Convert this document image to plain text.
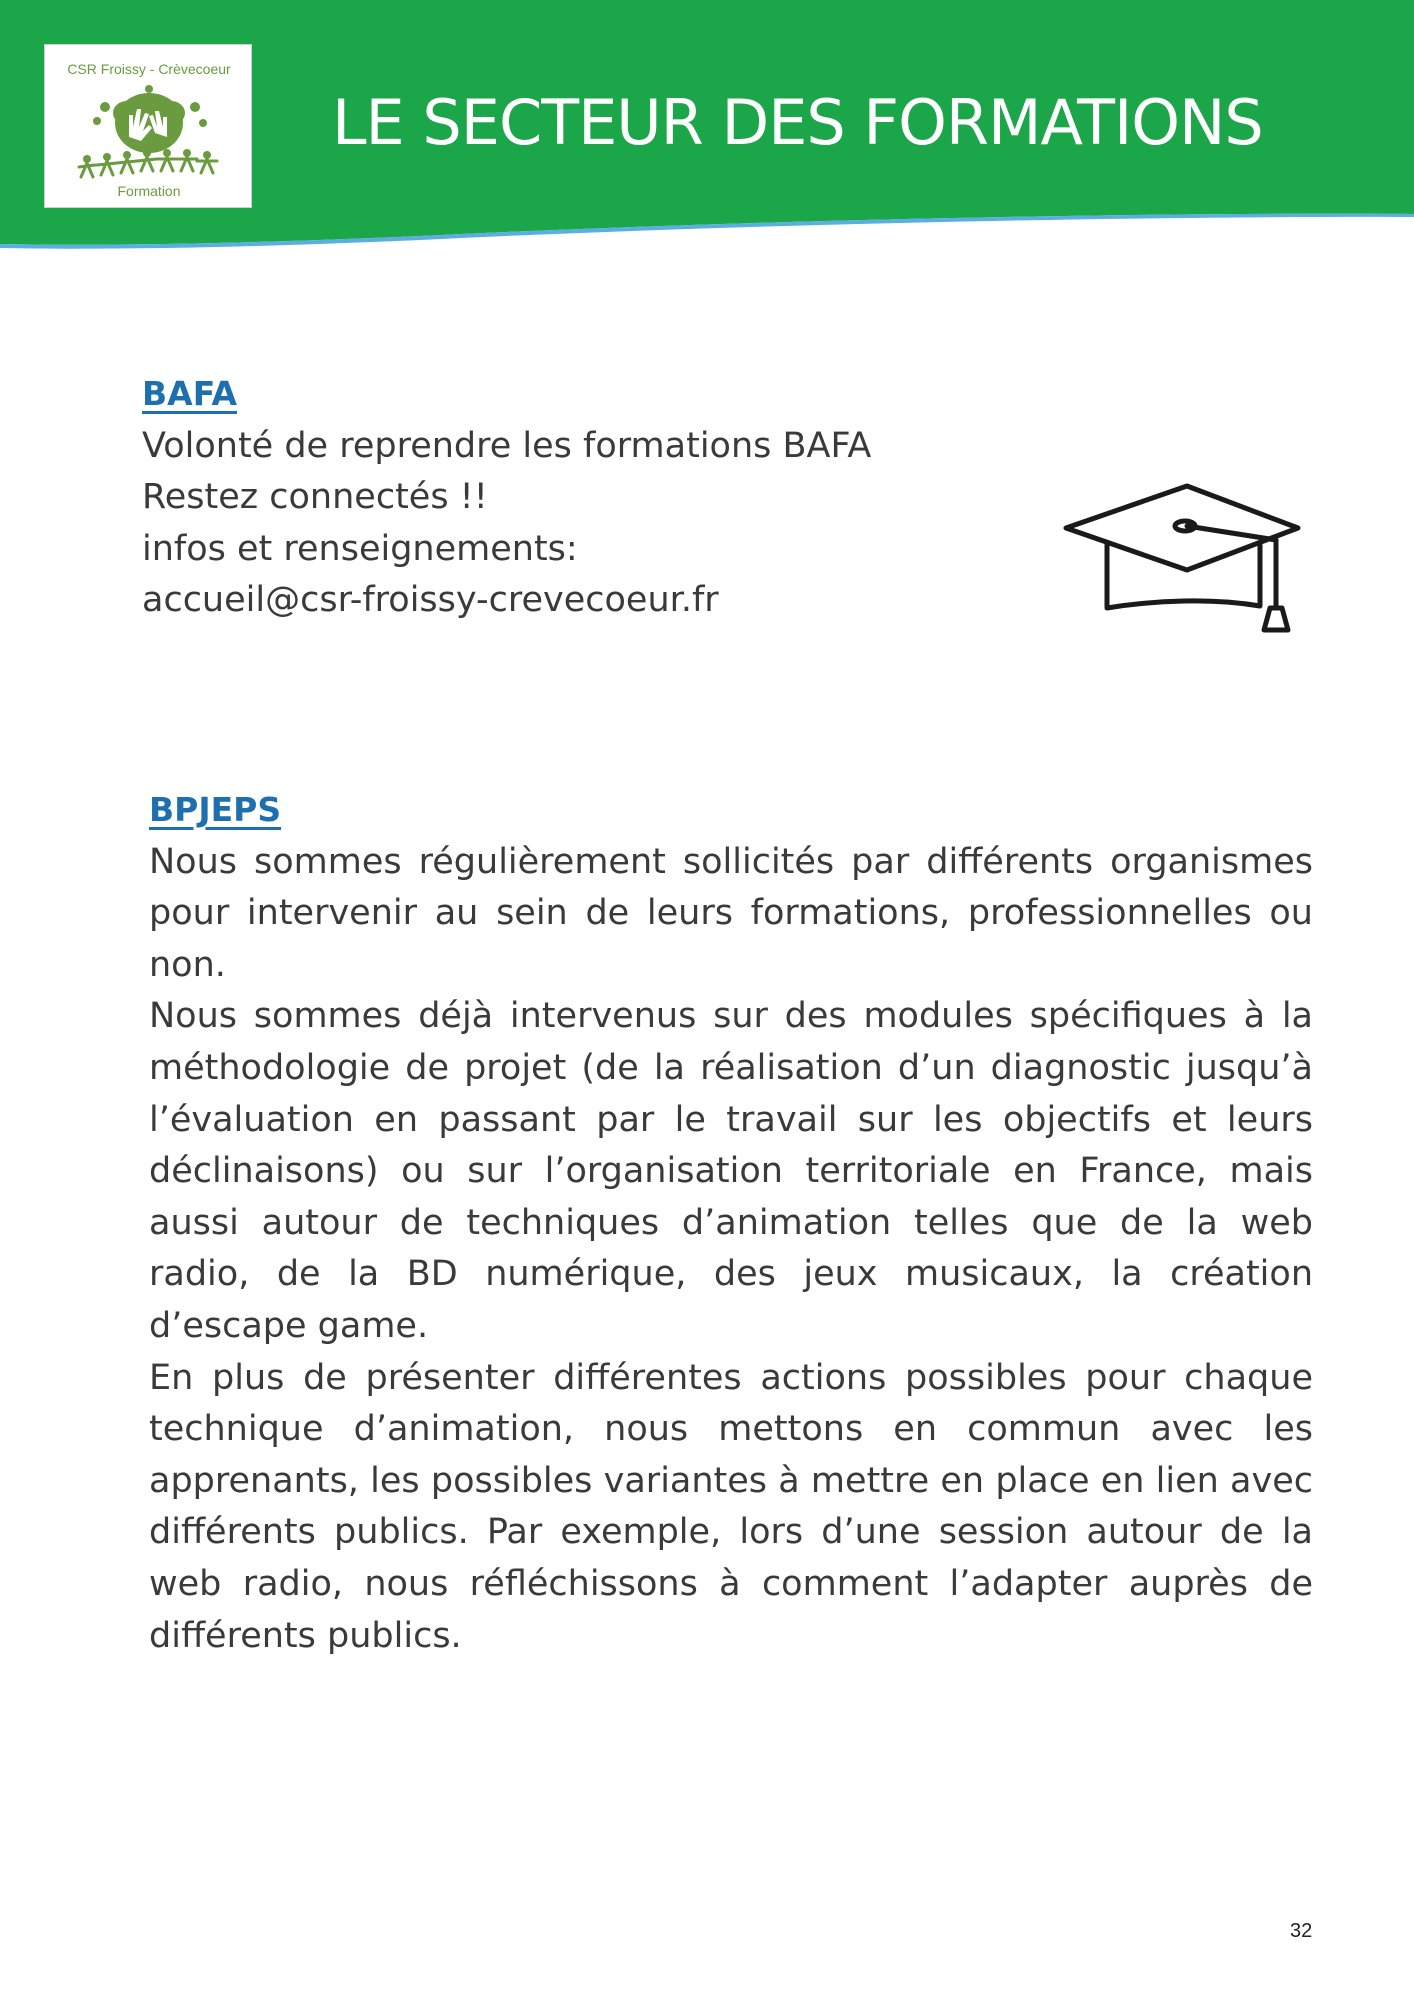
CSR Froissy - Crèvecoeur
Formation
LE SECTEUR DES FORMATIONS
BAFA
Volonté de reprendre les formations BAFA
Restez connectés !!
infos et renseignements:
accueil@csr-froissy-crevecoeur.fr
BPJEPS
Nous sommes régulièrement sollicités par différents organismes pour intervenir au sein de leurs formations, professionnelles ou non.
Nous sommes déjà intervenus sur des modules spécifiques à la méthodologie de projet (de la réalisation d’un diagnostic jusqu’à l’évaluation en passant par le travail sur les objectifs et leurs déclinaisons) ou sur l’organisation territoriale en France, mais aussi autour de techniques d’animation telles que de la web radio, de la BD numérique, des jeux musicaux, la création d’escape game.
En plus de présenter différentes actions possibles pour chaque technique d’animation, nous mettons en commun avec les apprenants, les possibles variantes à mettre en place en lien avec différents publics. Par exemple, lors d’une session autour de la web radio, nous réfléchissons à comment l’adapter auprès de différents publics.
32
